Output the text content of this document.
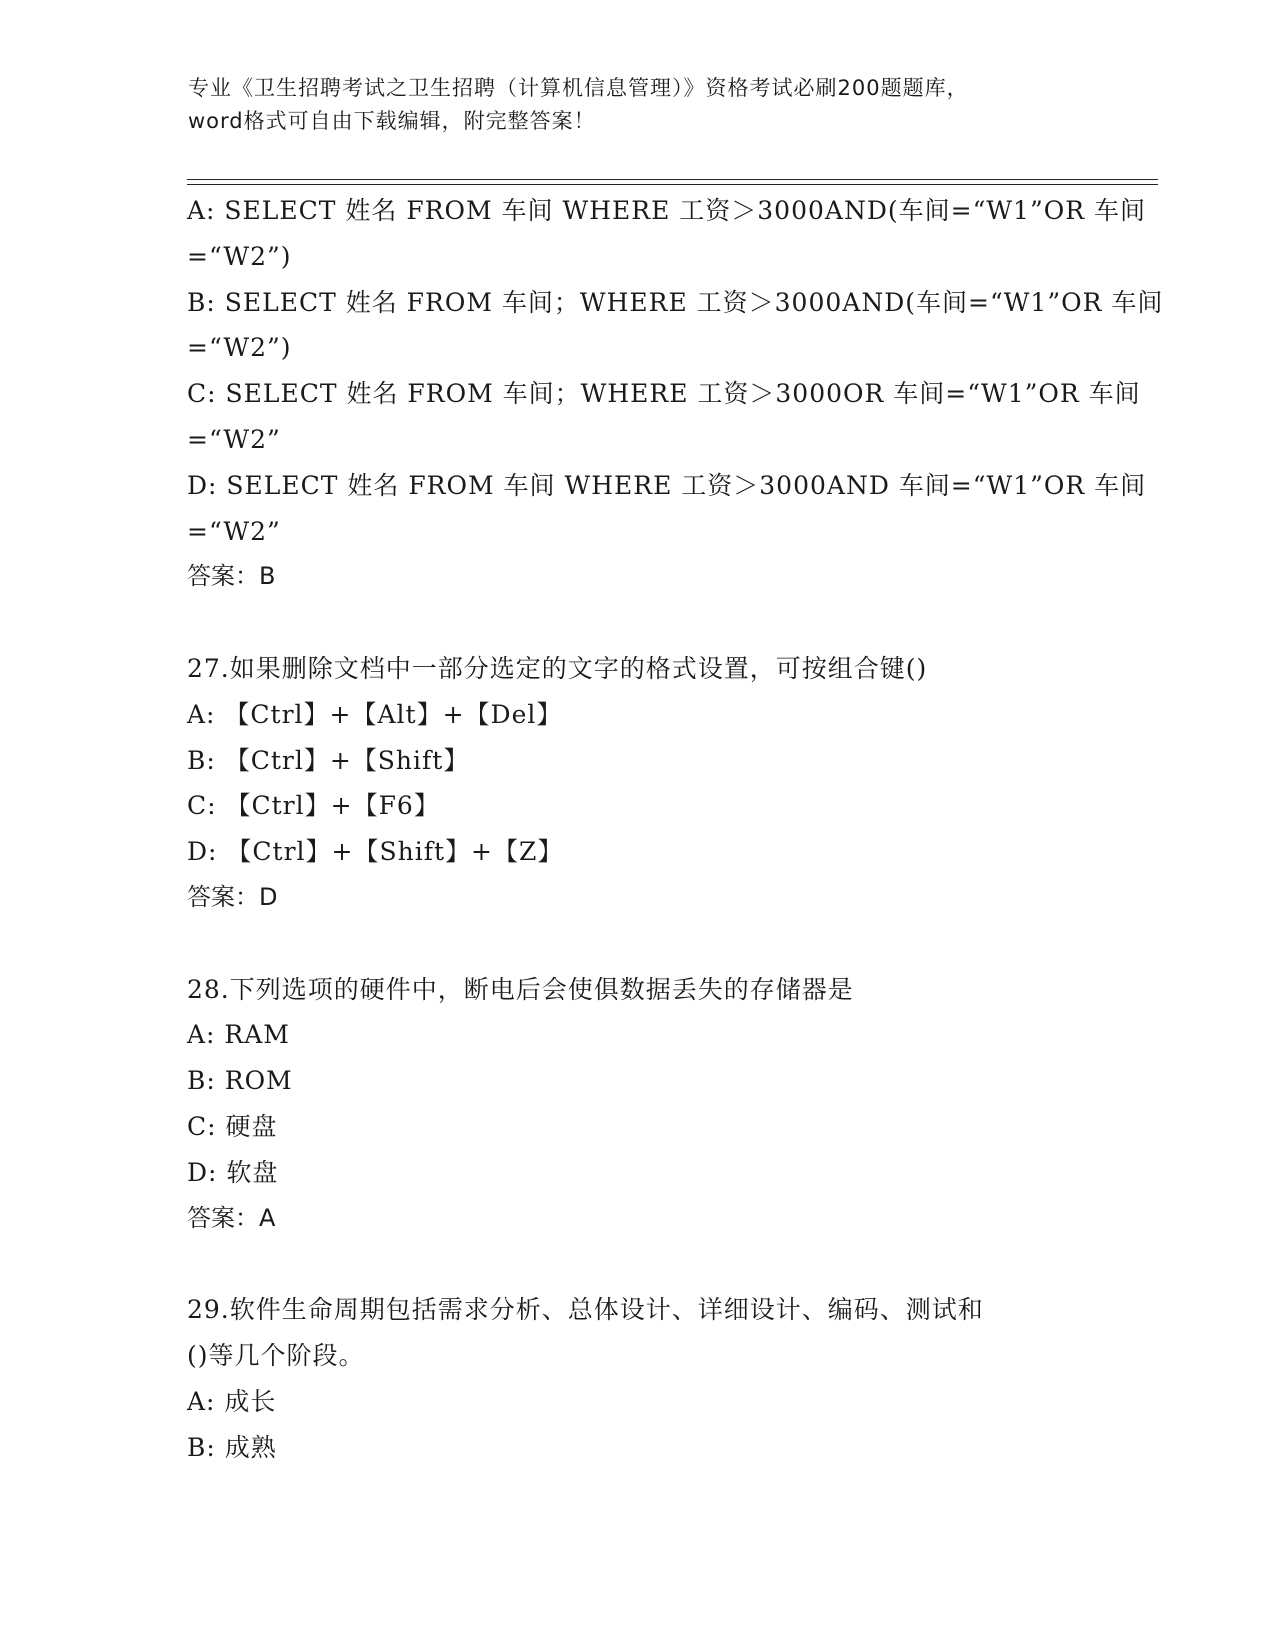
专业《卫生招聘考试之卫生招聘（计算机信息管理）》资格考试必刷200题题库，
word格式可自由下载编辑，附完整答案！
A: SELECT 姓名 FROM 车间 WHERE 工资＞3000AND(车间=“W1”OR 车间
=“W2”)
B: SELECT 姓名 FROM 车间；WHERE 工资＞3000AND(车间=“W1”OR 车间
=“W2”)
C: SELECT 姓名 FROM 车间；WHERE 工资＞3000OR 车间=“W1”OR 车间
=“W2”
D: SELECT 姓名 FROM 车间 WHERE 工资＞3000AND 车间=“W1”OR 车间
=“W2”
答案：B
27.如果删除文档中一部分选定的文字的格式设置，可按组合键()
A: 【Ctrl】+【Alt】+【Del】
B: 【Ctrl】+【Shift】
C: 【Ctrl】+【F6】
D: 【Ctrl】+【Shift】+【Z】
答案：D
28.下列选项的硬件中，断电后会使俱数据丢失的存储器是
A: RAM
B: ROM
C: 硬盘
D: 软盘
答案：A
29.软件生命周期包括需求分析、总体设计、详细设计、编码、测试和
()等几个阶段。
A: 成长
B: 成熟
